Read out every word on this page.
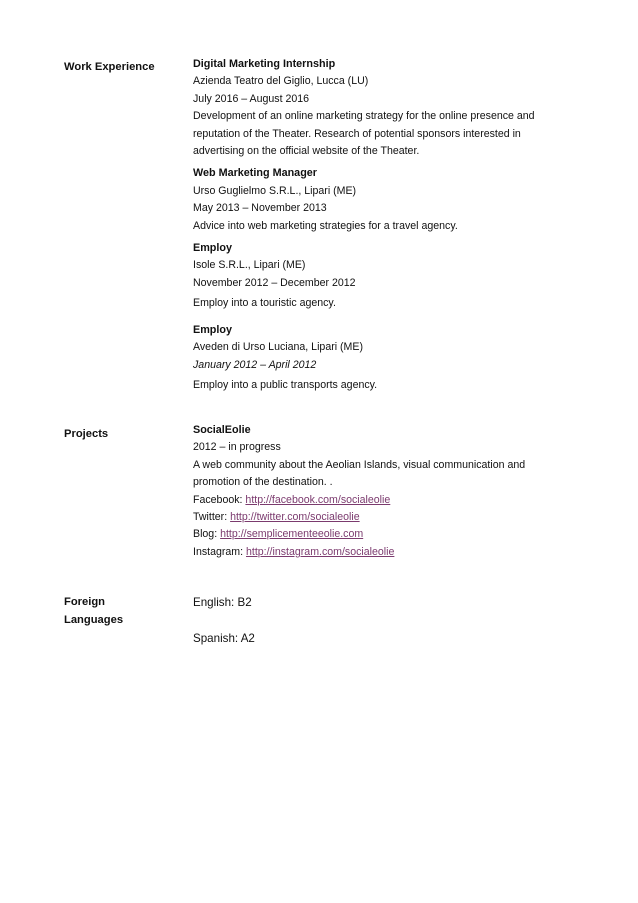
Work Experience	Digital Marketing Internship
Azienda Teatro del Giglio, Lucca (LU)
July 2016 – August 2016
Development of an online marketing strategy for the online presence and reputation of the Theater. Research of potential sponsors interested in advertising on the official website of the Theater.
Web Marketing Manager
Urso Guglielmo S.R.L., Lipari (ME)
May 2013 – November 2013
Advice into web marketing strategies for a travel agency.
Employ
Isole S.R.L., Lipari (ME)
November 2012 – December 2012
Employ into a touristic agency.
Employ
Aveden di Urso Luciana, Lipari (ME)
January 2012 – April 2012
Employ into a public transports agency.
Projects	SocialEolie
2012 – in progress
A web community about the Aeolian Islands, visual communication and promotion of the destination. .
Facebook: http://facebook.com/socialeolie
Twitter: http://twitter.com/socialeolie
Blog: http://semplicementeeolie.com
Instagram: http://instagram.com/socialeolie
Foreign
Languages
English: B2
Spanish: A2
